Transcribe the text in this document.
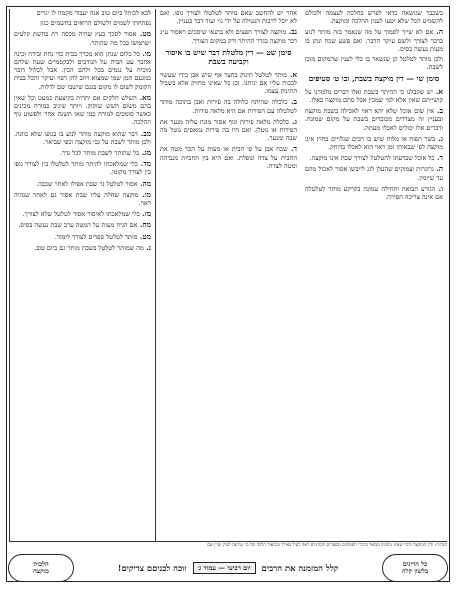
לבא לכותל ביום טוב אנה יעבור מקמה לו יגרים
נפתחתי לשמים ולשולם הרואים בחשמים כגון
מט. אסור לסכך בעץ שהיה מכסה רת בחשת קלטים ישתמשו בכל מה שהותר.
מו. כל כלום שנתן הוא מכרך בבית כדי נחת ובירה וכינה אחבר עט הבית על הנודכים ולבקסמיים שעת שלהם מוכיח על נגמים בכל ולהם הכין. אבל לכלול דובר כמגעם המן שמו שמצוא ויוזב להן דפוי ועיקר והכל בבית הקומק לשום לו מקום בגגם שישבו שם לדלות.
מא. השלש חלקים אם יתרות בקיצעת כמעט וכל שאין בהם משום חשש שזקוק. ויותר שיגיב כמורה מכינים כאשר סומכים למורה כמו שאו תשנה אחר ולפשוט גוף ההלכה.
מב. דבר שהוא מוקצה מותר לנוע בו בגופו שלא כוונה. ולכן מותר לשבת על גבי מוקצה וכפי שביאר.
מג. כל שהותר לשבת מותר לכל גדר.
מד. כלי שמלאכתו להיתר מותר לטלטלו בין לצורך גופו בין לצורך מקומו.
מה. אסור לטלטל נר שבת אפילו לאחר שכבה.
מו. מוקצה שחלה עליו שבת אסור גם לאחר שנהיה ראוי.
מז. כלי שמלאכתו לאיסור אסור לטלטל שלא לצורך.
מח. אם הניח מעות על המטה ערב שבת נעשה בסיס.
מט. מותר לטלטל ספרים לצורך לימוד.
נ. מה שמותר לטלטל בשבת מותר גם ביום טוב.
אחר יש להחשב שאם מותר לטלטלו לצורך גופו. ואם לא יוכל לרבות הנטילה על ידי גוי ועוד דבר בעניין.
נב. מוקצה לצורך חפצים ולא בתנאי שיסכים ויאסור ע״ג דבר מוקצה בגדר ההיתר ורק במקום הצורך.
סימן שט — דין מלטלת דבר שיש בו איסור וקביעה בשבת
א. מותר לטלטל תינוק בחצר אף שיש אבן בידו שעשוי לבכות עליו אם יניחנו. וכן כל שאינו מחזיק אלא בשביל התינוק עצמו.
ב. כלכלה שהיתה כלולה בה פירות ואבן בתוכה מותר לטלטלה עם הפירות אם היא מלאה פירות.
ג. כלכלה מלאה פירות וגוף אסור מונח עליה מנער את הפירות או נוטלן. ואם היו בה פירות נמאסים נוטל מה שבה ומנער.
ד. שכח אבן על פי חבית או מעות על הכר מטה את החבית על צדה ונופלת. ואם היא בין החביות מגביהה ומטה לצדה.
בשכבר שגושאה כדאי לפרש בהלכה לעצמה ולכולם להשמיע הכל שלא יטעו לענין ההלכה ומוקצה.
ה. אם לא שייך לסמוך על מה שנאמר בזה מותר לנוע בדבר לצורך ולשם עיקר הדבר. ואם פשע שכח ונתן בו מעות נעשה בסיס.
ולכן מותר לטלטל קן שנשאר בו כלי לענין שהמקום מוכן לשבת.
סימן שי — דין מוקצה בשבת, ובו ט׳ סעיפים
א. יש שקבלנו כי ההיתר בשבת ואלו דברים מלמדנו על קושייתם שאין אלא למי שמכין אבל סתם מוקצה באלו.
ב. אין שום אוכל שלא יהא ראוי לאכילה בשבת מוקצה ובעניין זה מצדדים מכובדים בשבת על מקום שמונח. ודברים אלו יכולים לאכלו מעתה.
ג. בשר תפוח או מלוח שיש בו רבים שגלויים בחוץ אינו מוקצה לפי שבאותו זמן ראוי הוא לאכלו בדוחק.
ד. כל אוכל שבדעתו להטלטל לצורך שבת אינו מוקצה.
ה. גרוגרות וצמוקים שהעלן לגג לייבשן אסור לאכול מהם עד שיזמין.
ו. הגורע תבואה ותחילה טמונה בקרקע מותר לטלטלה אם אינה צריכה חפירה.
הגה״ה: ודין המוקצה ודבר שאינו מתכוון מבואר בדברי הפוסקים ובספרים הקודמים ראה לעיל באורך ובביאור הלכה וכל מי שירצה לעיין יעיין שם
כל הדינים
בלשון קלה
קלל המזמנה את הרבים
יום רביעי — עמוד ג׳
זוכה לבניםם צדיקים!
הלכות
מוקצה
